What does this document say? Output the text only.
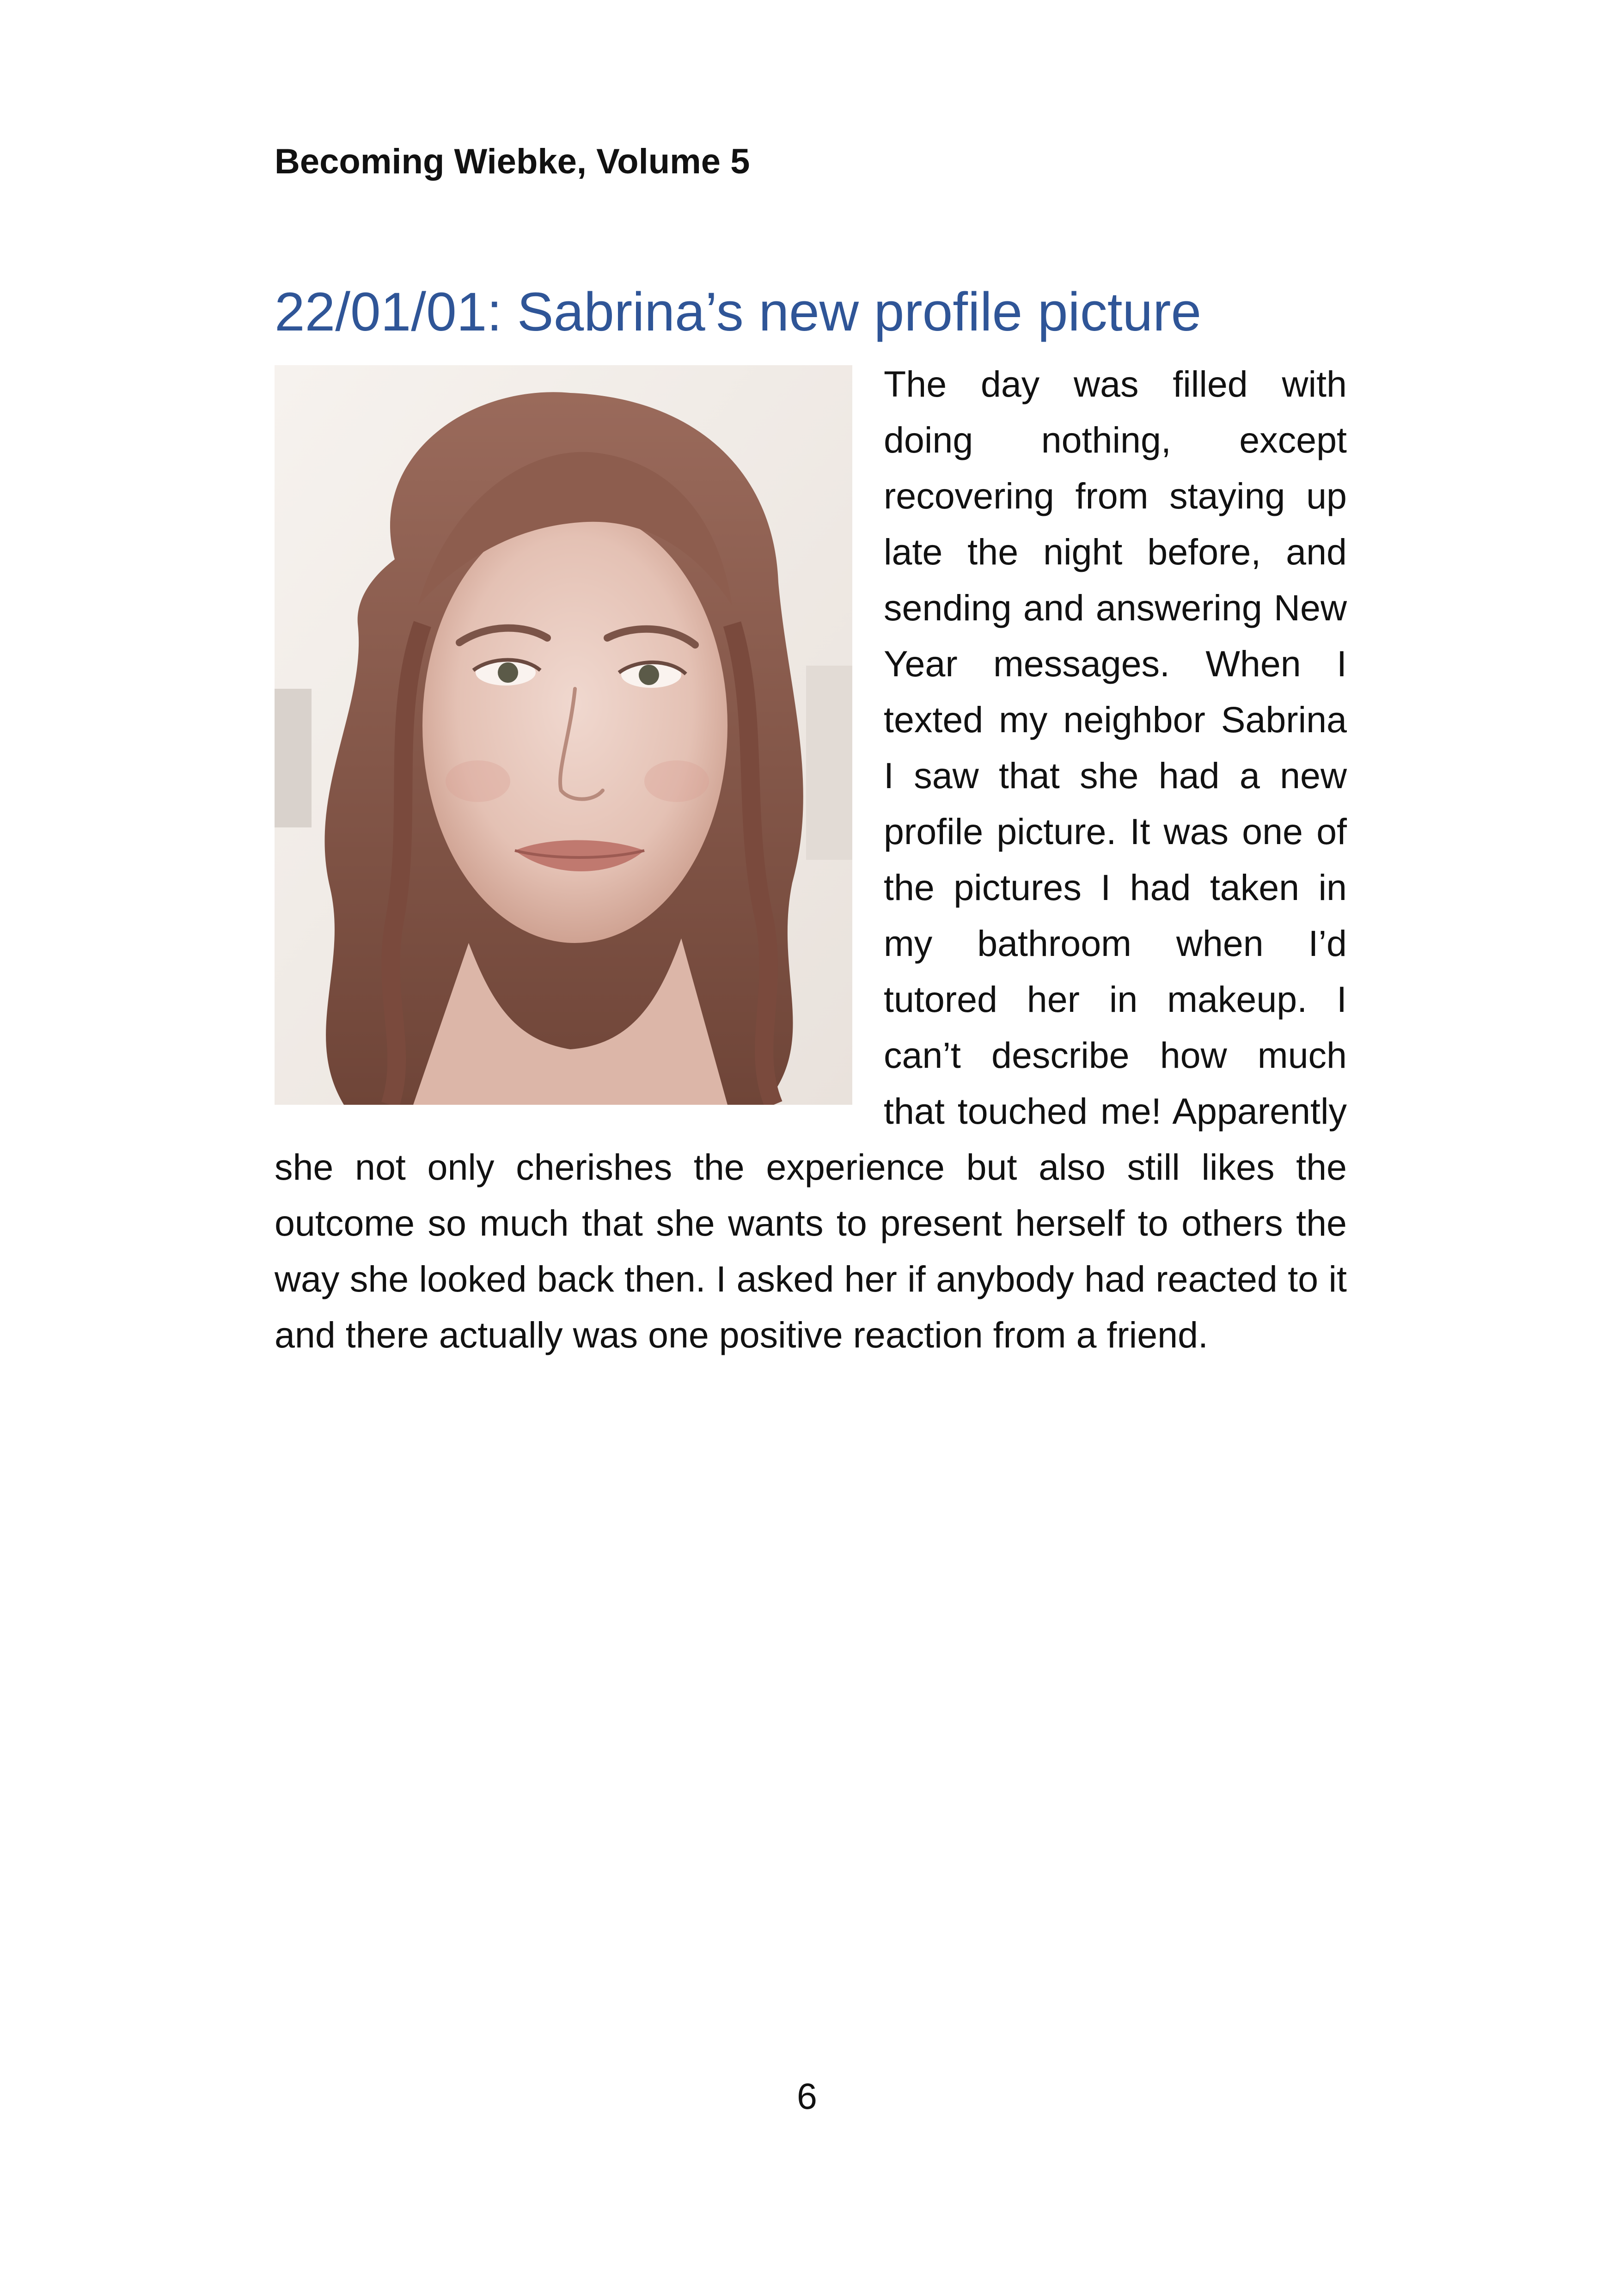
Becoming Wiebke, Volume 5
22/01/01: Sabrina’s new profile picture
The day was filled with doing nothing, except recovering from staying up late the night before, and sending and answering New Year messages. When I texted my neighbor Sabrina I saw that she had a new profile picture. It was one of the pictures I had taken in my bathroom when I’d tutored her in makeup. I can’t describe how much that touched me! Apparently she not only cherishes the experience but also still likes the outcome so much that she wants to present herself to others the way she looked back then. I asked her if anybody had reacted to it and there actually was one positive reaction from a friend.
6
